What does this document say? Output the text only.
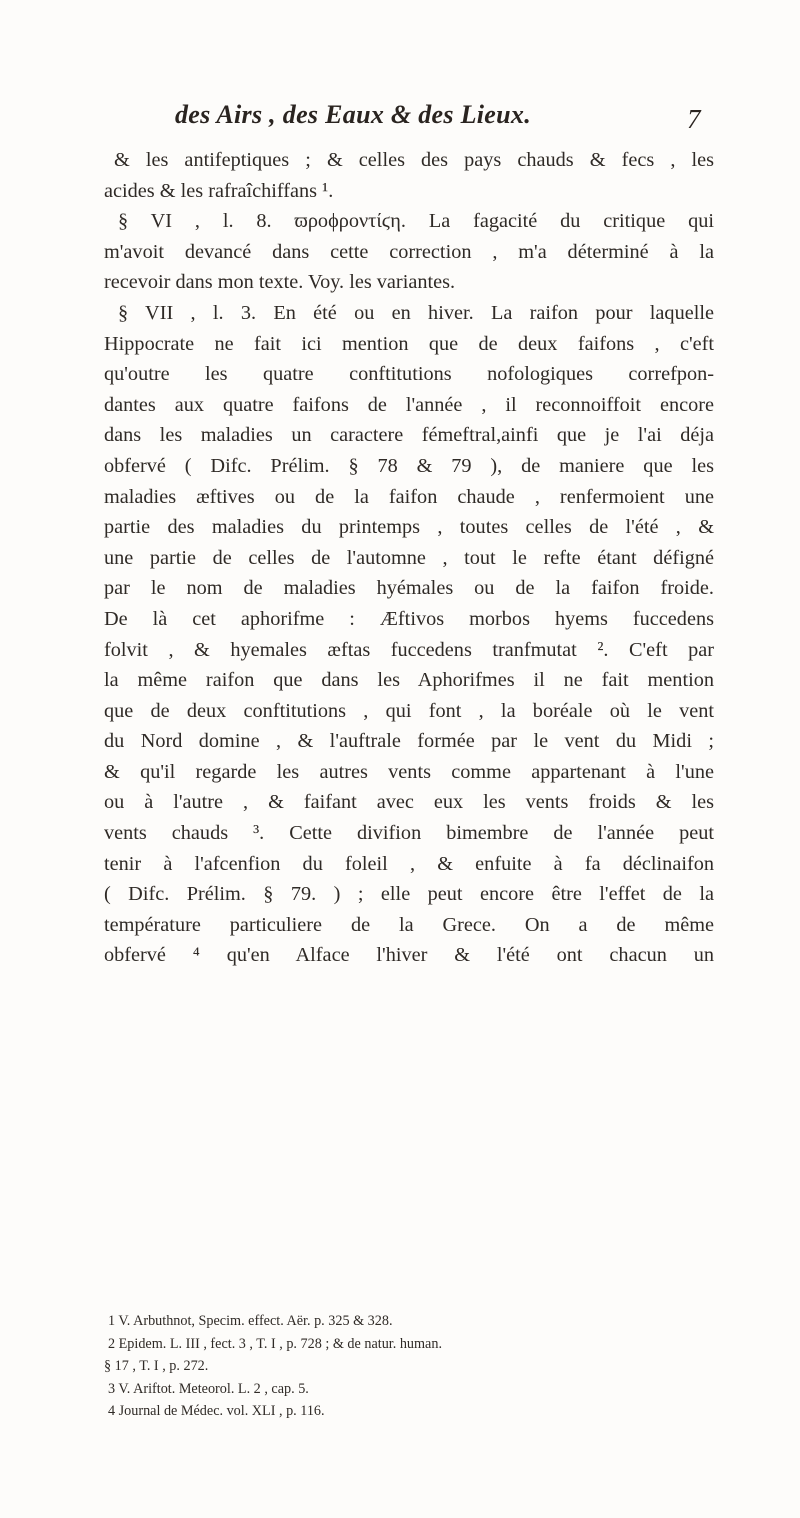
des Airs , des Eaux & des Lieux.	7
& les antifeptiques ; & celles des pays chauds & fecs , les
acides & les rafraîchiffans ¹.
§ VI , l. 8. ϖροϕροντίϛη. La fagacité du critique qui
m'avoit devancé dans cette correction , m'a déterminé à la
recevoir dans mon texte. Voy. les variantes.
§ VII , l. 3. En été ou en hiver. La raifon pour laquelle
Hippocrate ne fait ici mention que de deux faifons , c'eft
qu'outre les quatre conftitutions nofologiques correfpon-
dantes aux quatre faifons de l'année , il reconnoiffoit encore
dans les maladies un caractere fémeftral,ainfi que je l'ai déja
obfervé ( Difc. Prélim. § 78 & 79 ), de maniere que les
maladies æftives ou de la faifon chaude , renfermoient une
partie des maladies du printemps , toutes celles de l'été , &
une partie de celles de l'automne , tout le refte étant défigné
par le nom de maladies hyémales ou de la faifon froide.
De là cet aphorifme : Æftivos morbos hyems fuccedens
folvit , & hyemales æftas fuccedens tranfmutat ². C'eft par
la même raifon que dans les Aphorifmes il ne fait mention
que de deux conftitutions , qui font , la boréale où le vent
du Nord domine , & l'auftrale formée par le vent du Midi ;
& qu'il regarde les autres vents comme appartenant à l'une
ou à l'autre , & faifant avec eux les vents froids & les
vents chauds ³. Cette divifion bimembre de l'année peut
tenir à l'afcenfion du foleil , & enfuite à fa déclinaifon
( Difc. Prélim. § 79. ) ; elle peut encore être l'effet de la
température particuliere de la Grece. On a de même
obfervé ⁴ qu'en Alface l'hiver & l'été ont chacun un
1 V. Arbuthnot, Specim. effect. Aër. p. 325 & 328.
2 Epidem. L. III , fect. 3 , T. I , p. 728 ; & de natur. human.
§ 17 , T. I , p. 272.
3 V. Ariftot. Meteorol. L. 2 , cap. 5.
4 Journal de Médec. vol. XLI , p. 116.
